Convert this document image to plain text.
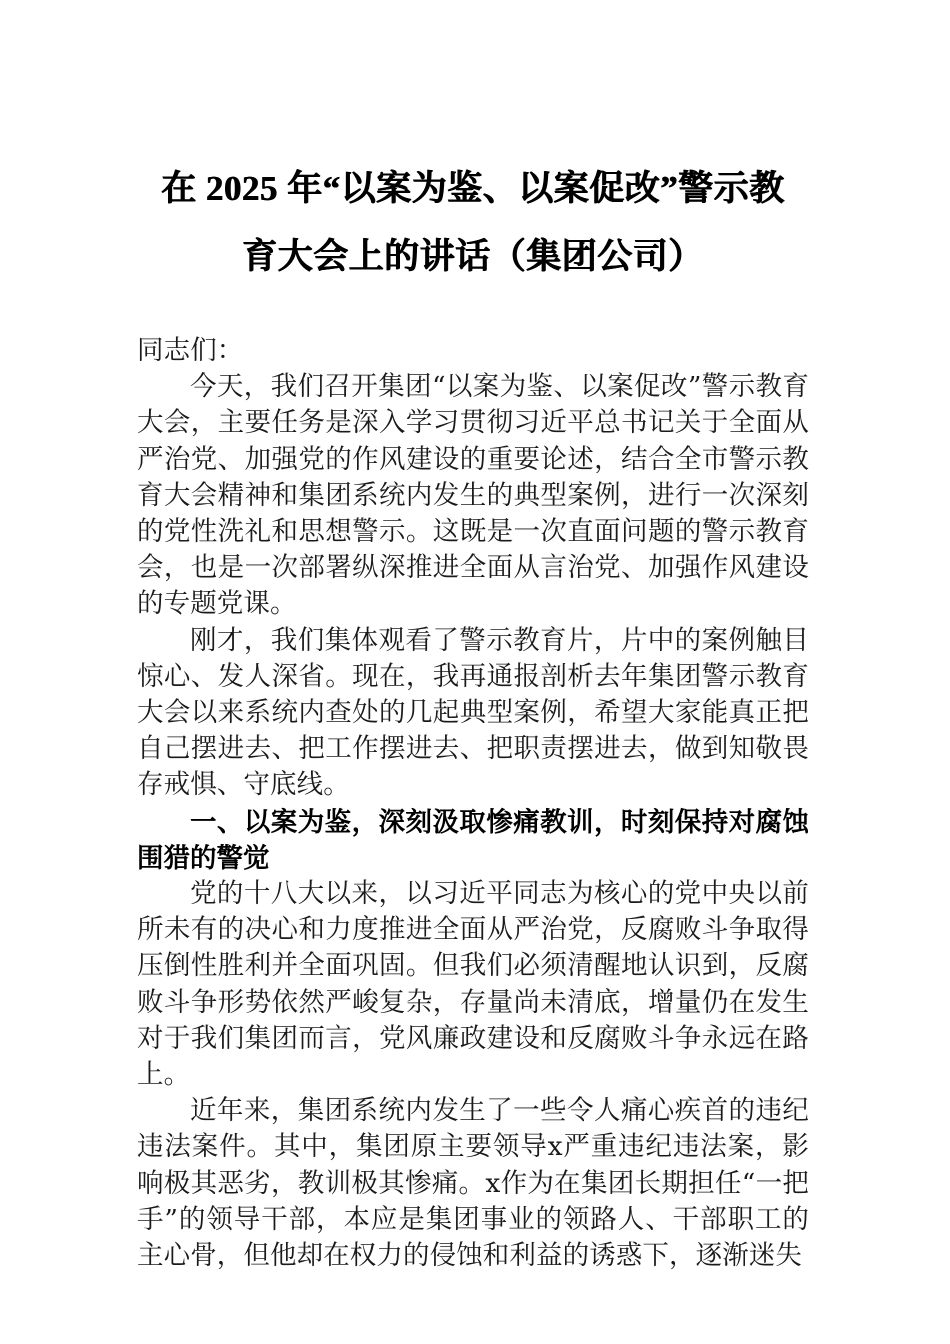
在 2025 年“以案为鉴、以案促改”警示教
育大会上的讲话（集团公司）

同志们：

今天，我们召开集团“以案为鉴、以案促改”警示教育大会，主要任务是深入学习贯彻习近平总书记关于全面从严治党、加强党的作风建设的重要论述，结合全市警示教育大会精神和集团系统内发生的典型案例，进行一次深刻的党性洗礼和思想警示。这既是一次直面问题的警示教育会，也是一次部署纵深推进全面从言治党、加强作风建设的专题党课。

刚才，我们集体观看了警示教育片，片中的案例触目惊心、发人深省。现在，我再通报剖析去年集团警示教育大会以来系统内查处的几起典型案例，希望大家能真正把自己摆进去、把工作摆进去、把职责摆进去，做到知敬畏存戒惧、守底线。

一、以案为鉴，深刻汲取惨痛教训，时刻保持对腐蚀围猎的警觉

党的十八大以来，以习近平同志为核心的党中央以前所未有的决心和力度推进全面从严治党，反腐败斗争取得压倒性胜利并全面巩固。但我们必须清醒地认识到，反腐败斗争形势依然严峻复杂，存量尚未清底，增量仍在发生对于我们集团而言，党风廉政建设和反腐败斗争永远在路上。

近年来，集团系统内发生了一些令人痛心疾首的违纪违法案件。其中，集团原主要领导x严重违纪违法案，影响极其恶劣，教训极其惨痛。x作为在集团长期担任“一把手”的领导干部，本应是集团事业的领路人、干部职工的主心骨，但他却在权力的侵蚀和利益的诱惑下，逐渐迷失
